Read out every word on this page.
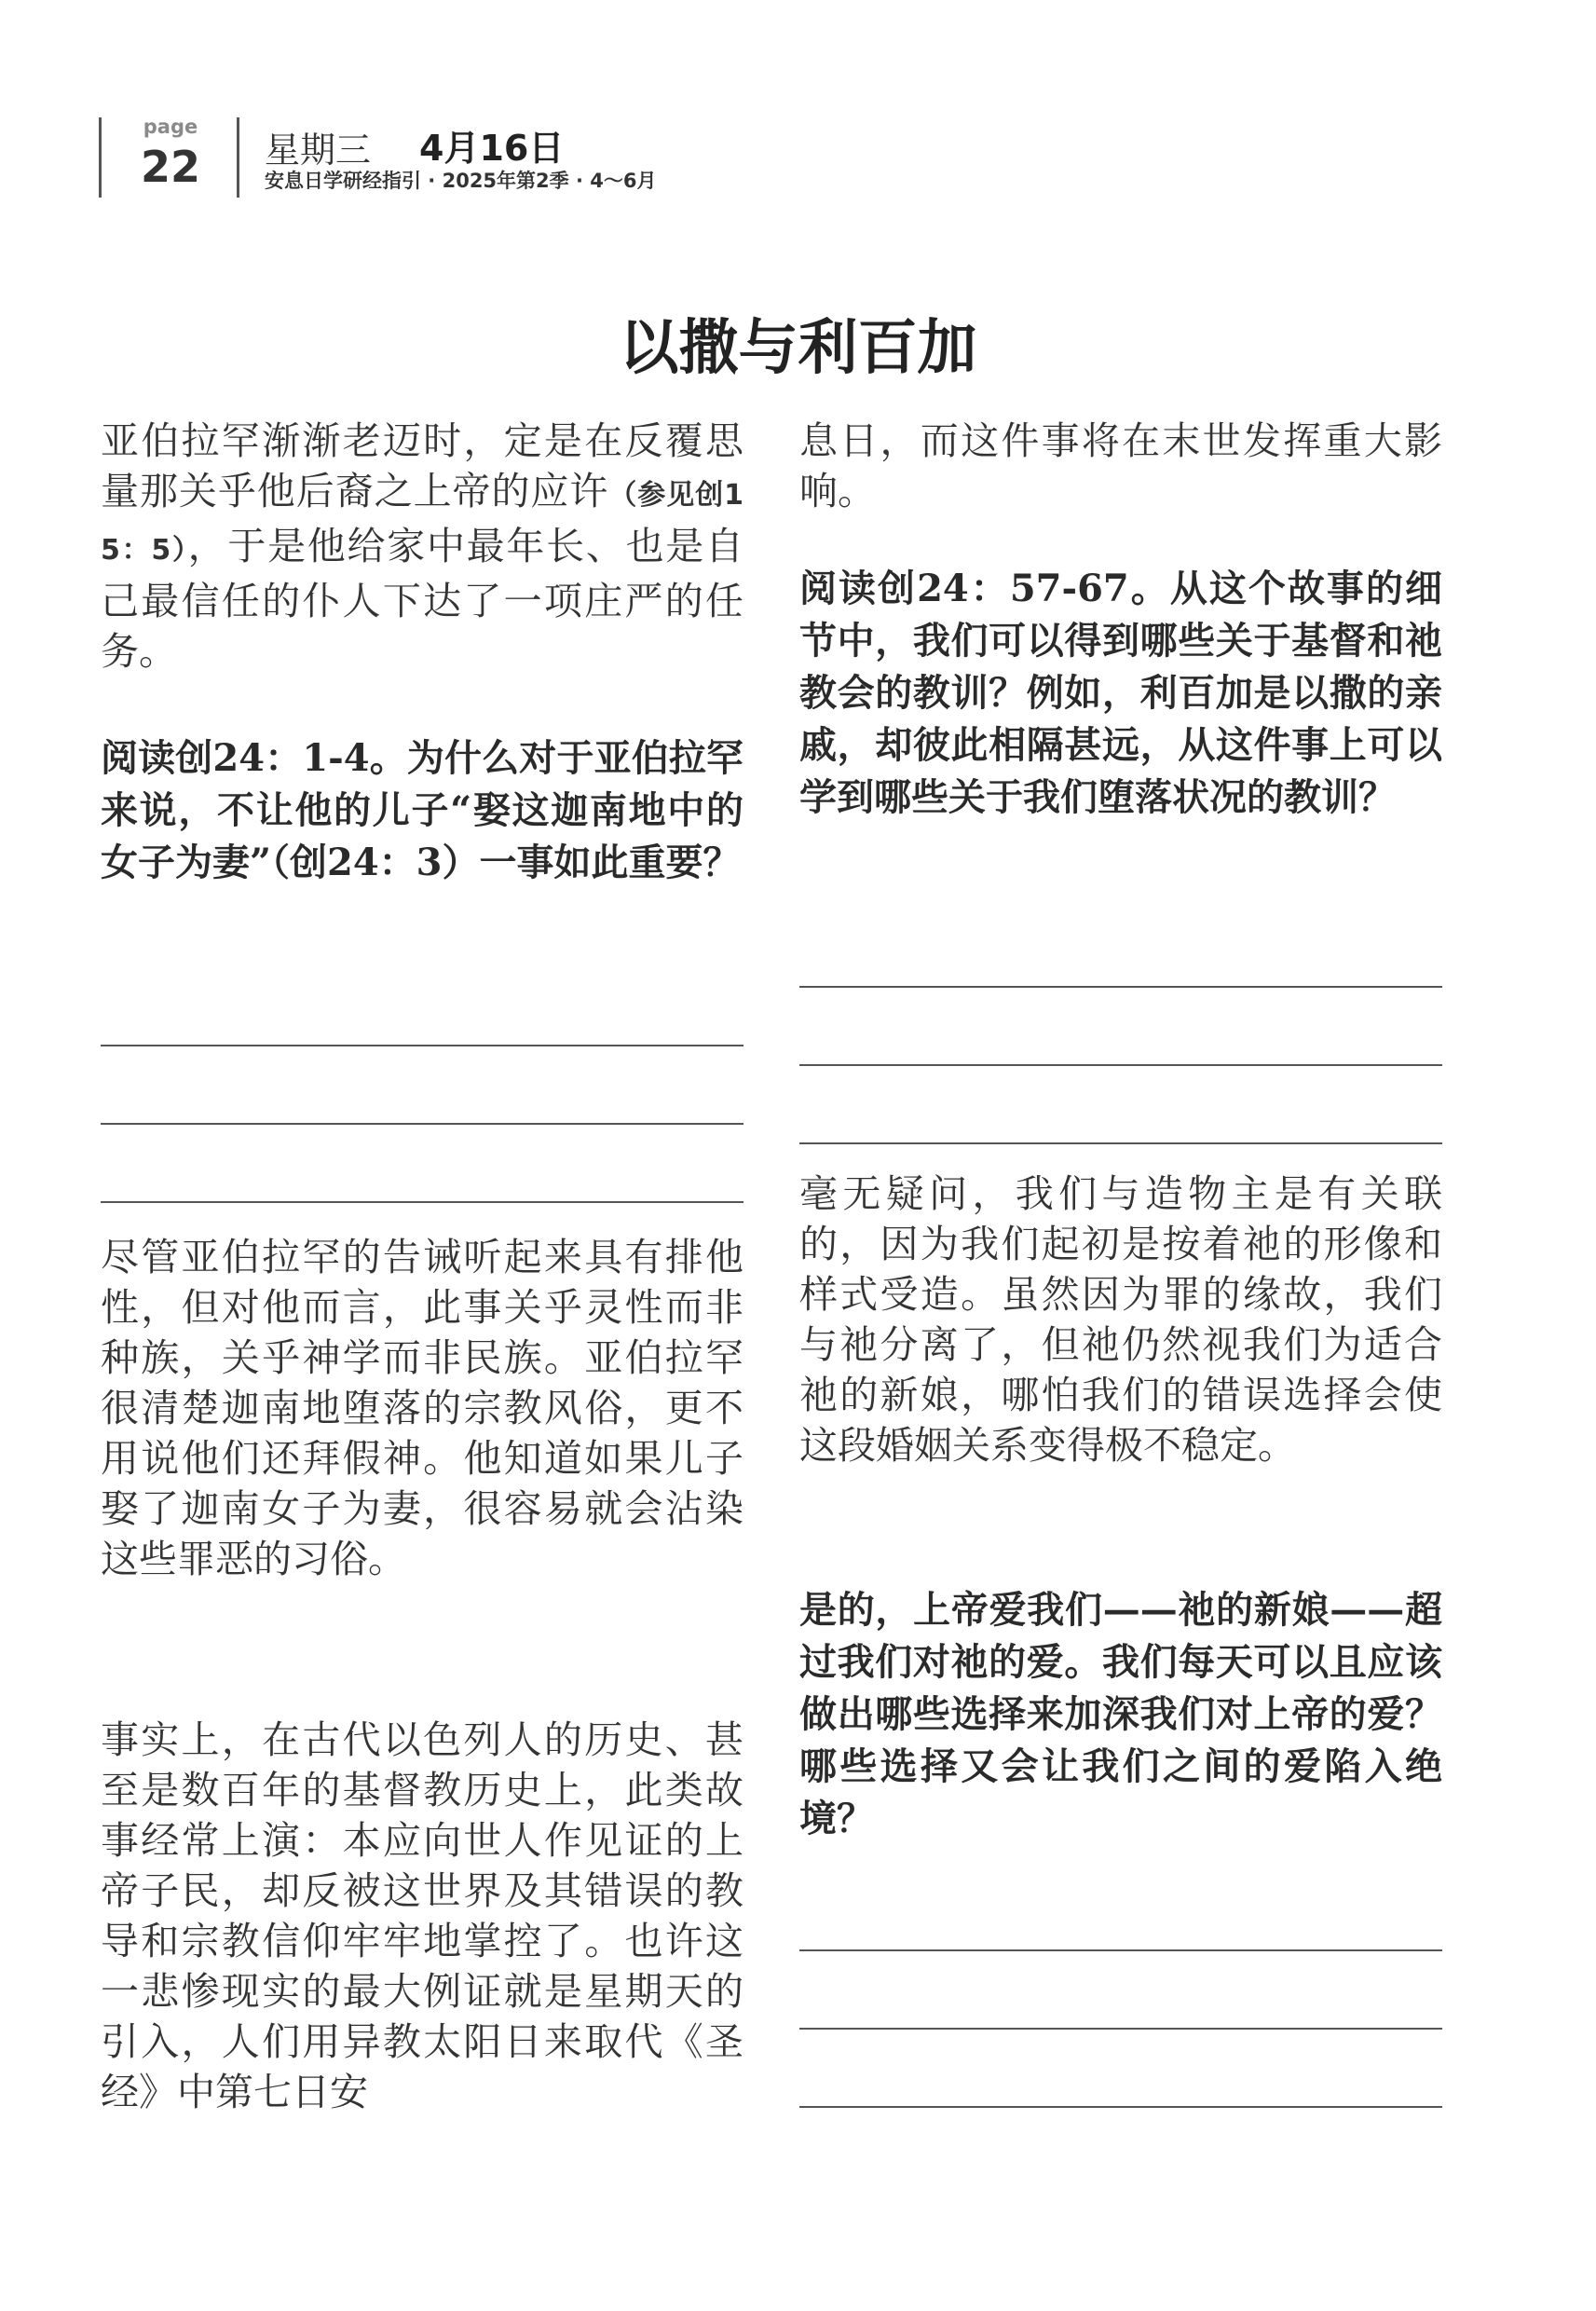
page
22 星期三 4月16日
安息日学研经指引 · 2025年第2季 · 4～6月
以撒与利百加

亚伯拉罕渐渐老迈时，定是在反覆思量那关乎他后裔之上帝的应许（参见创15：5），于是他给家中最年长、也是自己最信任的仆人下达了一项庄严的任务。

阅读创24：1-4。为什么对于亚伯拉罕来说，不让他的儿子“娶这迦南地中的女子为妻”（创24：3）一事如此重要？

尽管亚伯拉罕的告诫听起来具有排他性，但对他而言，此事关乎灵性而非种族，关乎神学而非民族。亚伯拉罕很清楚迦南地堕落的宗教风俗，更不用说他们还拜假神。他知道如果儿子娶了迦南女子为妻，很容易就会沾染这些罪恶的习俗。

事实上，在古代以色列人的历史、甚至是数百年的基督教历史上，此类故事经常上演：本应向世人作见证的上帝子民，却反被这世界及其错误的教导和宗教信仰牢牢地掌控了。也许这一悲惨现实的最大例证就是星期天的引入，人们用异教太阳日来取代《圣经》中第七日安

息日，而这件事将在末世发挥重大影响。

阅读创24：57-67。从这个故事的细节中，我们可以得到哪些关于基督和祂教会的教训？例如，利百加是以撒的亲戚，却彼此相隔甚远，从这件事上可以学到哪些关于我们堕落状况的教训？

毫无疑问，我们与造物主是有关联的，因为我们起初是按着祂的形像和样式受造。虽然因为罪的缘故，我们与祂分离了，但祂仍然视我们为适合祂的新娘，哪怕我们的错误选择会使这段婚姻关系变得极不稳定。

是的，上帝爱我们——祂的新娘——超过我们对祂的爱。我们每天可以且应该做出哪些选择来加深我们对上帝的爱？哪些选择又会让我们之间的爱陷入绝境？
